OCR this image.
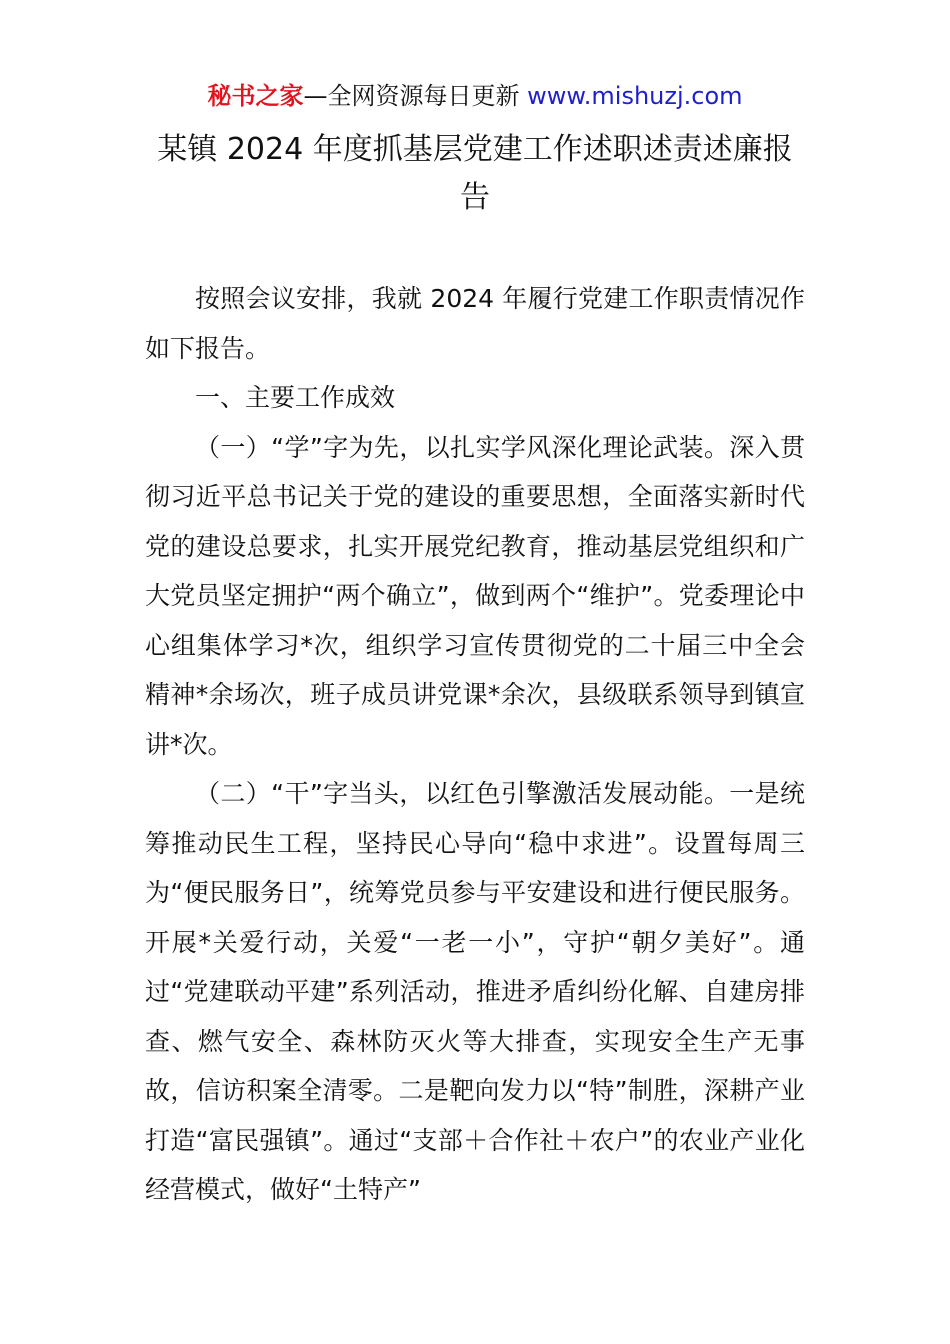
秘书之家—全网资源每日更新 www.mishuzj.com
某镇 2024 年度抓基层党建工作述职述责述廉报告

按照会议安排，我就 2024 年履行党建工作职责情况作如下报告。

一、主要工作成效

（一）“学”字为先，以扎实学风深化理论武装。深入贯彻习近平总书记关于党的建设的重要思想，全面落实新时代党的建设总要求，扎实开展党纪教育，推动基层党组织和广大党员坚定拥护“两个确立”，做到两个“维护”。党委理论中心组集体学习*次，组织学习宣传贯彻党的二十届三中全会精神*余场次，班子成员讲党课*余次，县级联系领导到镇宣讲*次。

（二）“干”字当头，以红色引擎激活发展动能。一是统筹推动民生工程，坚持民心导向“稳中求进”。设置每周三为“便民服务日”，统筹党员参与平安建设和进行便民服务。开展*关爱行动，关爱“一老一小”，守护“朝夕美好”。通过“党建联动平建”系列活动，推进矛盾纠纷化解、自建房排查、燃气安全、森林防灭火等大排查，实现安全生产无事故，信访积案全清零。二是靶向发力以“特”制胜，深耕产业打造“富民强镇”。通过“支部＋合作社＋农户”的农业产业化经营模式，做好“土特产”
